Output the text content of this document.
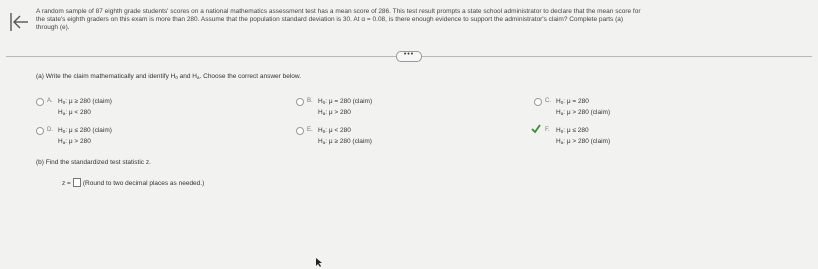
A random sample of 87 eighth grade students' scores on a national mathematics assessment test has a mean score of 286. This test result prompts a state school administrator to declare that the mean score for
the state's eighth graders on this exam is more than 280. Assume that the population standard deviation is 30. At α = 0.08, is there enough evidence to support the administrator's claim? Complete parts (a)
through (e).
•••
(a) Write the claim mathematically and identify $H_0$ and $H_a$. Choose the correct answer below.
A. $H_0$: μ ≥ 280 (claim)
$H_a$: μ < 280
B. $H_0$: μ = 280 (claim)
$H_a$: μ > 280
C. $H_0$: μ = 280
$H_a$: μ > 280 (claim)
D. $H_0$: μ ≤ 280 (claim)
$H_a$: μ > 280
E. $H_0$: μ < 280
$H_a$: μ ≥ 280 (claim)
F. $H_0$: μ ≤ 280
$H_a$: μ > 280 (claim)
(b) Find the standardized test statistic z.
z = (Round to two decimal places as needed.)
